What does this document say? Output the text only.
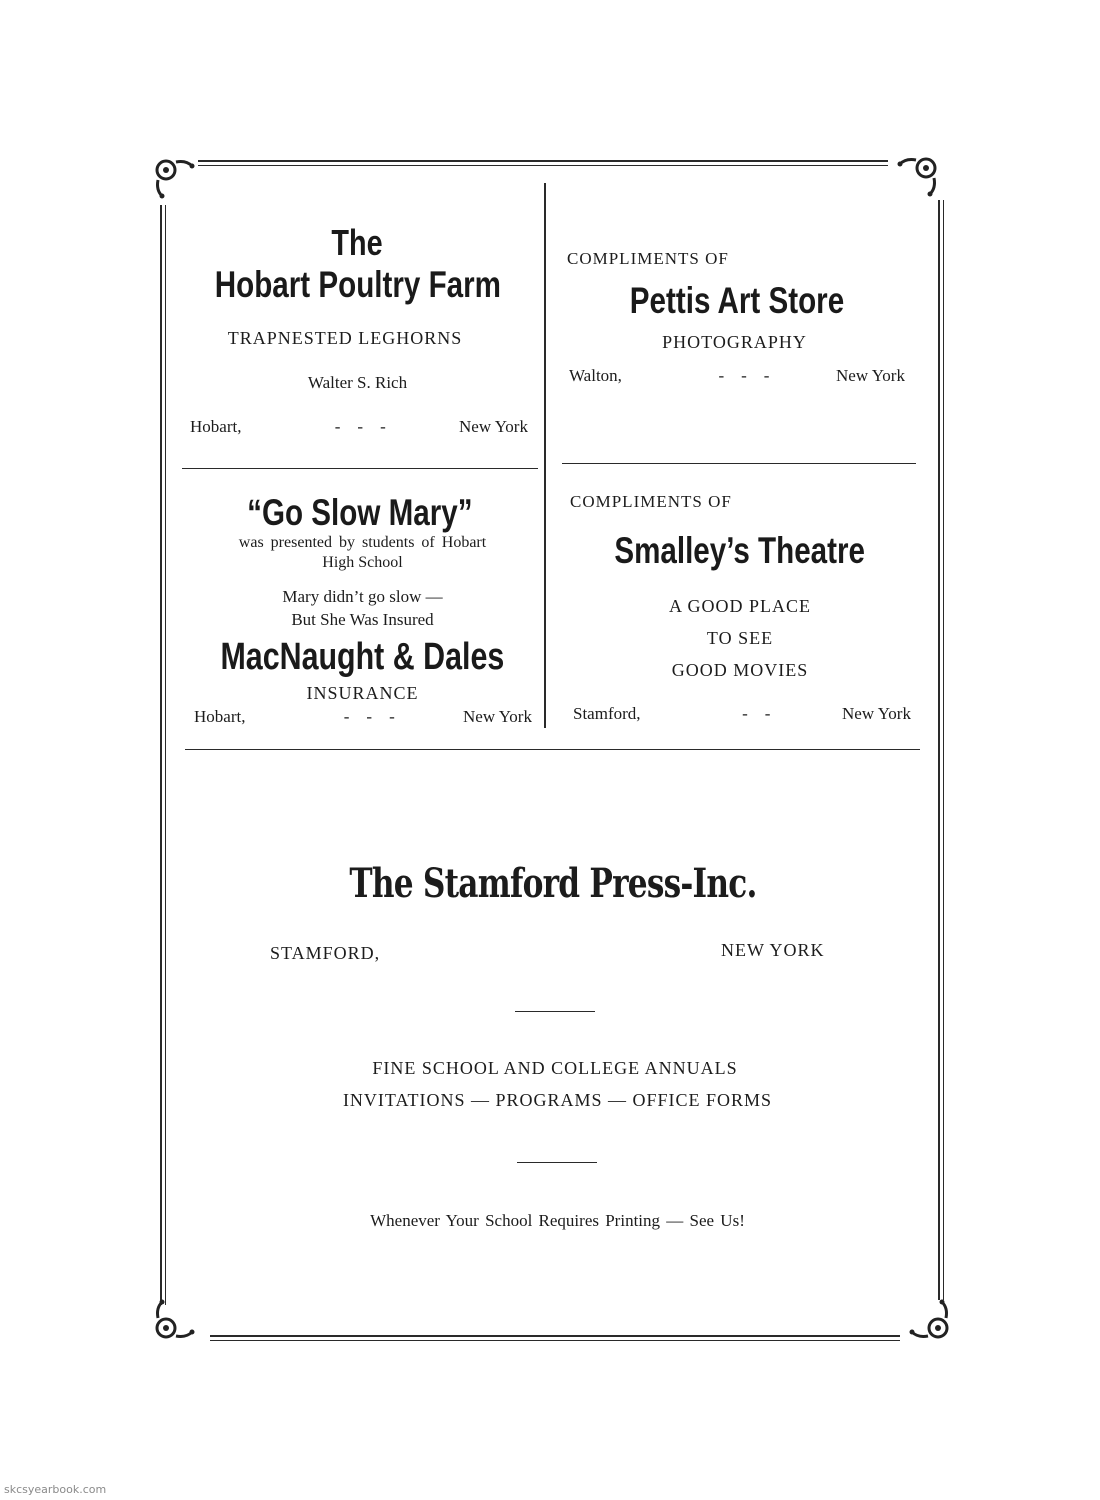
The
Hobart Poultry Farm
TRAPNESTED LEGHORNS
Walter S. Rich
Hobart,	-    -    -	New York
COMPLIMENTS OF
Pettis Art Store
PHOTOGRAPHY
Walton,	-    -    -	New York
“Go Slow Mary”
was presented by students of Hobart
High School
Mary didn’t go slow —
But She Was Insured
MacNaught & Dales
INSURANCE
Hobart,	-    -    -	New York
COMPLIMENTS OF
Smalley’s Theatre
A GOOD PLACE
TO SEE
GOOD MOVIES
Stamford,	-    -	New York
The Stamford Press-Inc.
STAMFORD,	NEW YORK
FINE SCHOOL AND COLLEGE ANNUALS
INVITATIONS — PROGRAMS — OFFICE FORMS
Whenever Your School Requires Printing — See Us!
skcsyearbook.com
